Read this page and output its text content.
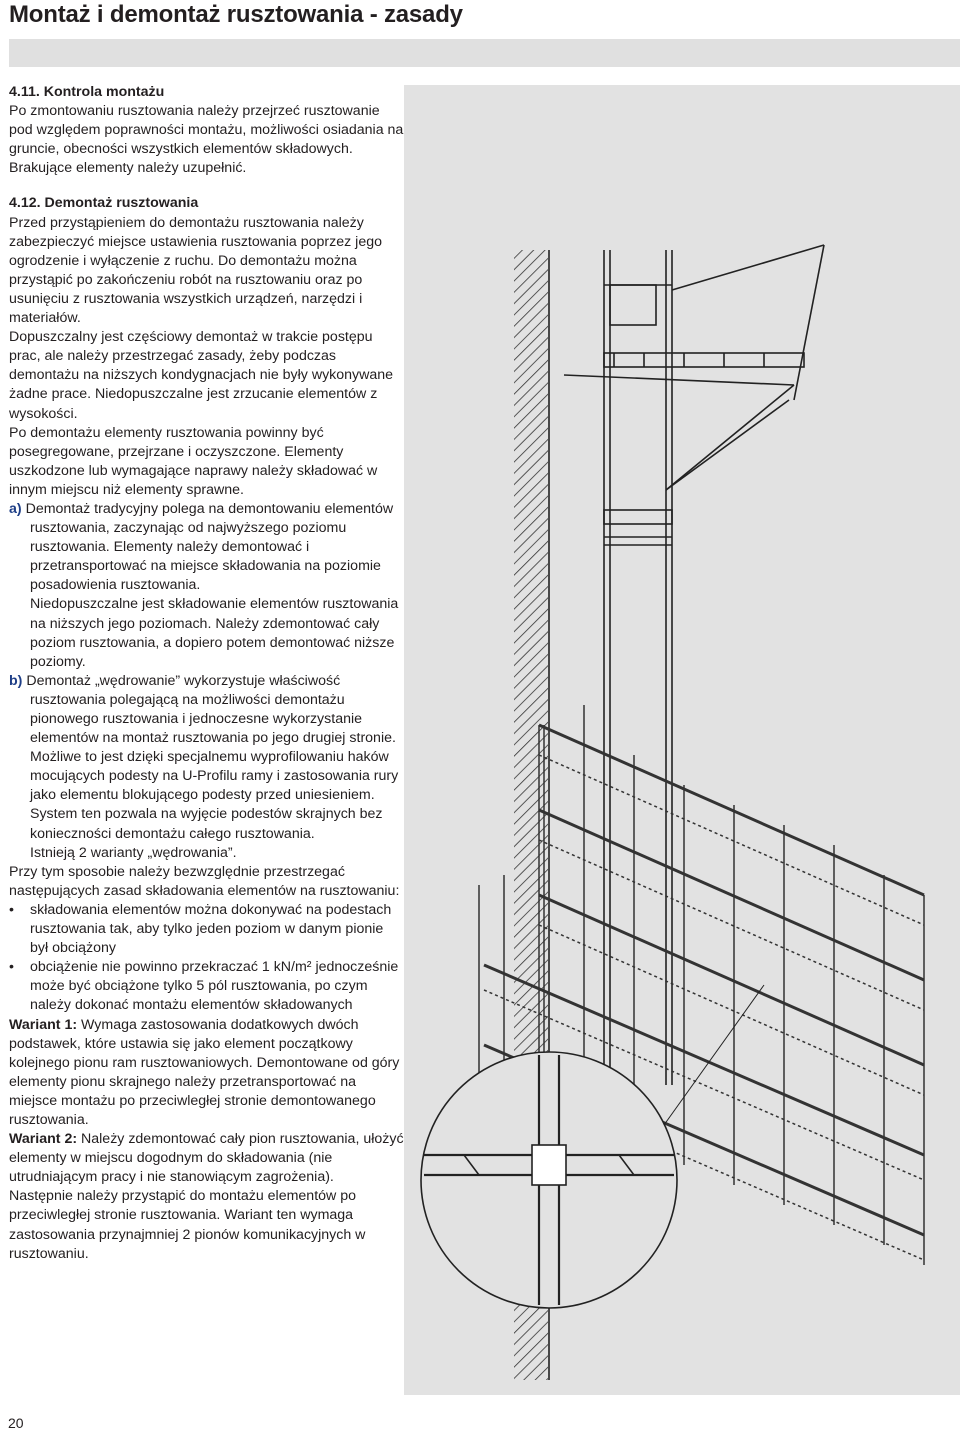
Montaż i demontaż rusztowania - zasady

4.11. Kontrola montażu

Po zmontowaniu rusztowania należy przejrzeć rusztowanie pod względem poprawności montażu, możliwości osiadania na gruncie, obecności wszystkich elementów składowych. Brakujące elementy należy uzupełnić.

4.12. Demontaż rusztowania

Przed przystąpieniem do demontażu rusztowania należy zabezpieczyć miejsce ustawienia rusztowania poprzez jego ogrodzenie i wyłączenie z ruchu. Do demontażu można przystąpić po zakończeniu robót na rusztowaniu oraz po usunięciu z rusztowania wszystkich urządzeń, narzędzi i materiałów.

Dopuszczalny jest częściowy demontaż w trakcie postępu prac, ale należy przestrzegać zasady, żeby podczas demontażu na niższych kondygnacjach nie były wykonywane żadne prace. Niedopuszczalne jest zrzucanie elementów z wysokości.

Po demontażu elementy rusztowania powinny być posegregowane, przejrzane i oczyszczone. Elementy uszkodzone lub wymagające naprawy należy składować w innym miejscu niż elementy sprawne.

a) Demontaż tradycyjny polega na demontowaniu elementów rusztowania, zaczynając od najwyższego poziomu rusztowania. Elementy należy demontować i przetransportować na miejsce składowania na poziomie posadowienia rusztowania.

Niedopuszczalne jest składowanie elementów rusztowania na niższych jego poziomach. Należy zdemontować cały poziom rusztowania, a dopiero potem demontować niższe poziomy.

b) Demontaż „wędrowanie” wykorzystuje właściwość rusztowania polegającą na możliwości demontażu pionowego rusztowania i jednoczesne wykorzystanie elementów na montaż rusztowania po jego drugiej stronie. Możliwe to jest dzięki specjalnemu wyprofilowaniu haków mocujących podesty na U-Profilu ramy i zastosowania rury jako elementu blokującego podesty przed uniesieniem. System ten pozwala na wyjęcie podestów skrajnych bez konieczności demontażu całego rusztowania.

Istnieją 2 warianty „wędrowania”.

Przy tym sposobie należy bezwzględnie przestrzegać następujących zasad składowania elementów na rusztowaniu:

• składowania elementów można dokonywać na podestach rusztowania tak, aby tylko jeden poziom w danym pionie był obciążony

• obciążenie nie powinno przekraczać 1 kN/m² jednocześnie może być obciążone tylko 5 pól rusztowania, po czym należy dokonać montażu elementów składowanych

Wariant 1: Wymaga zastosowania dodatkowych dwóch podstawek, które ustawia się jako element początkowy kolejnego pionu ram rusztowaniowych. Demontowane od góry elementy pionu skrajnego należy przetransportować na miejsce montażu po przeciwległej stronie demontowanego rusztowania.

Wariant 2: Należy zdemontować cały pion rusztowania, ułożyć elementy w miejscu dogodnym do składowania (nie utrudniającym pracy i nie stanowiącym zagrożenia).

Następnie należy przystąpić do montażu elementów po przeciwległej stronie rusztowania. Wariant ten wymaga zastosowania przynajmniej 2 pionów komunikacyjnych w rusztowaniu.

20
